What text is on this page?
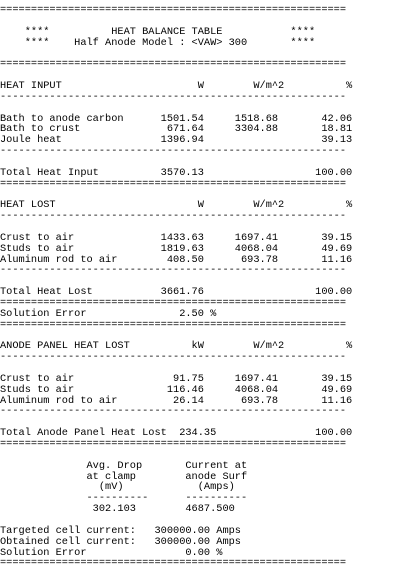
========================================================
****          HEAT BALANCE TABLE           ****
****    Half Anode Model : <VAW> 300       ****
========================================================
HEAT INPUT                      W        W/m^2          %
--------------------------------------------------------
Bath to anode carbon      1501.54     1518.68       42.06
Bath to crust              671.64     3304.88       18.81
Joule heat                1396.94                   39.13
--------------------------------------------------------
Total Heat Input          3570.13                  100.00
========================================================
HEAT LOST                       W        W/m^2          %
--------------------------------------------------------
Crust to air              1433.63     1697.41       39.15
Studs to air              1819.63     4068.04       49.69
Aluminum rod to air        408.50      693.78       11.16
--------------------------------------------------------
Total Heat Lost           3661.76                  100.00
========================================================
Solution Error               2.50 %
========================================================
ANODE PANEL HEAT LOST          kW        W/m^2          %
--------------------------------------------------------
Crust to air                91.75     1697.41       39.15
Studs to air               116.46     4068.04       49.69
Aluminum rod to air         26.14      693.78       11.16
--------------------------------------------------------
Total Anode Panel Heat Lost  234.35                100.00
========================================================
Avg. Drop       Current at
at clamp        anode Surf
(mV)            (Amps)
----------      ----------
302.103        4687.500
Targeted cell current:   300000.00 Amps
Obtained cell current:   300000.00 Amps
Solution Error                0.00 %
========================================================
